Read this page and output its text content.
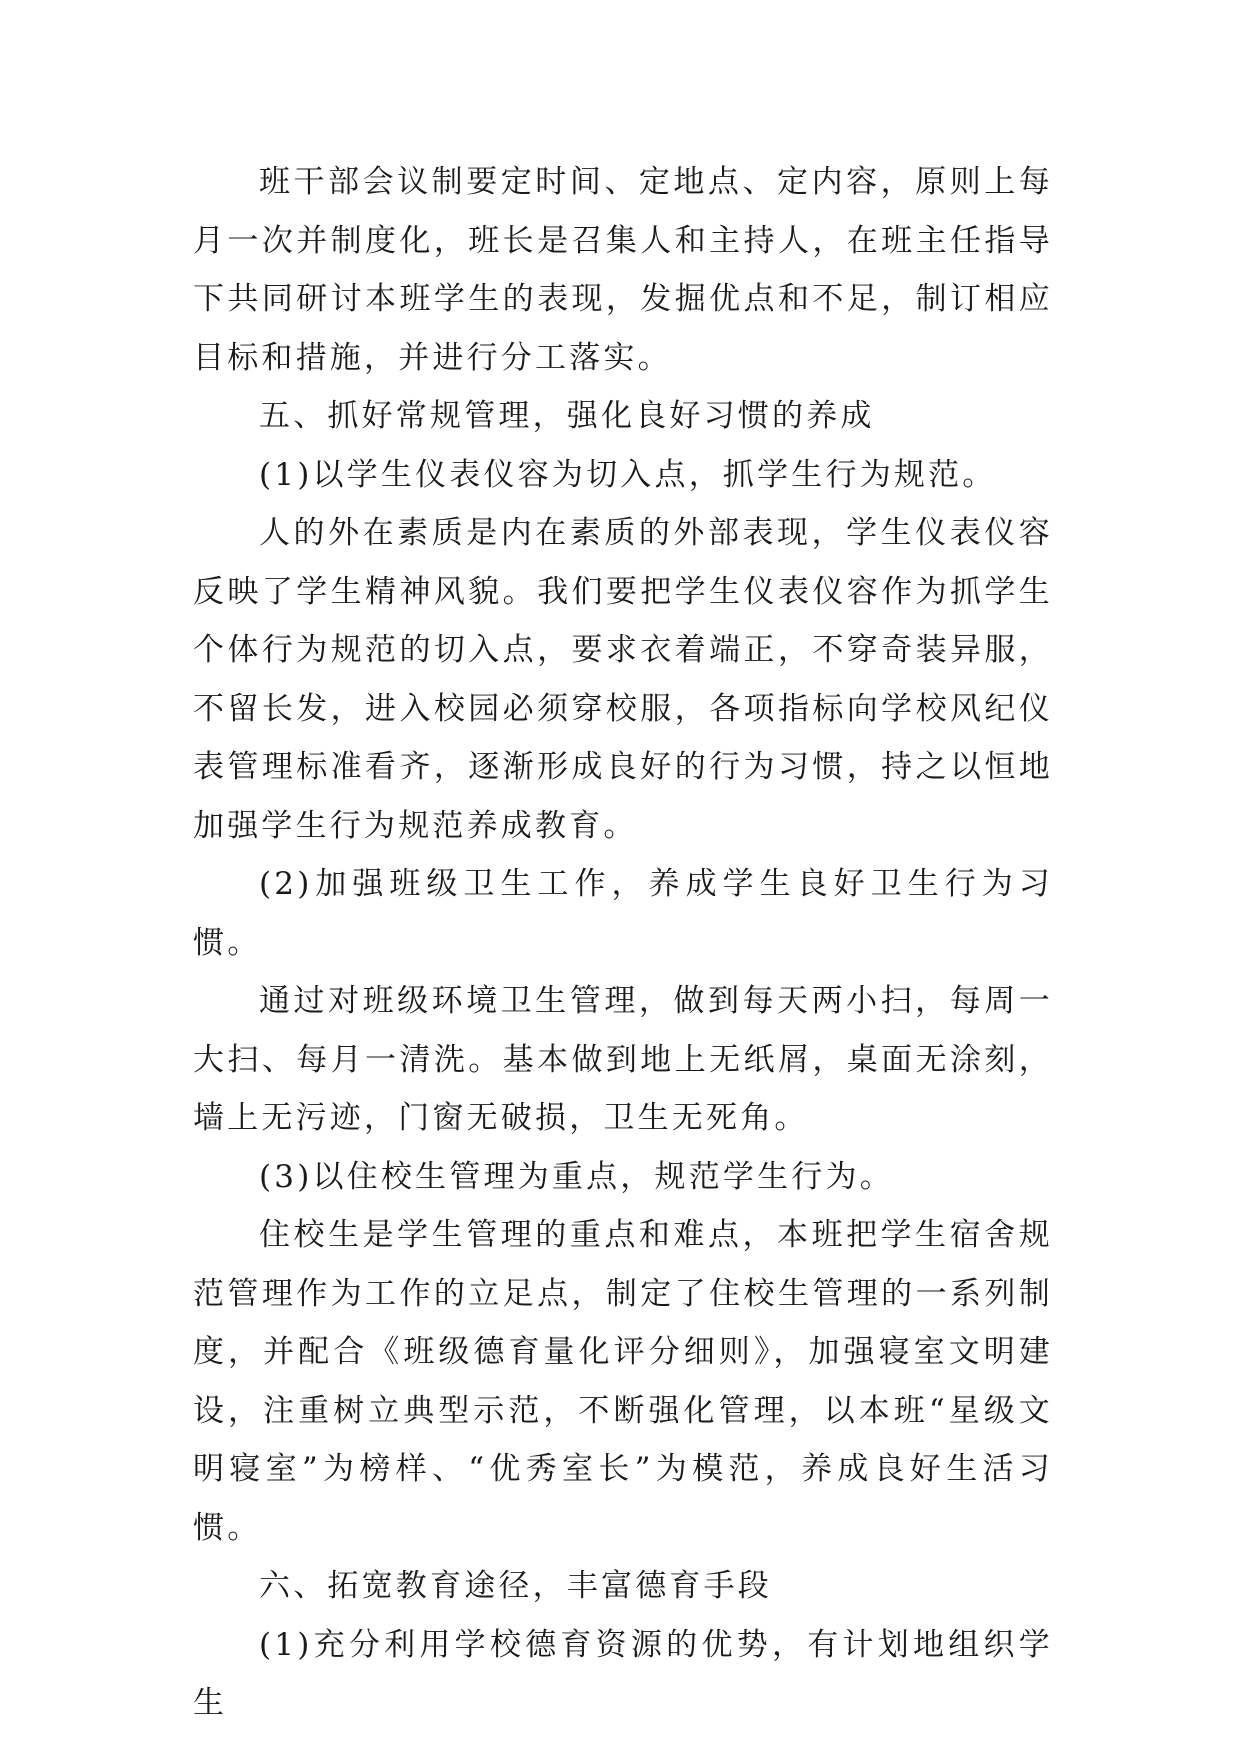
班干部会议制要定时间、定地点、定内容，原则上每月一次并制度化，班长是召集人和主持人，在班主任指导下共同研讨本班学生的表现，发掘优点和不足，制订相应目标和措施，并进行分工落实。

五、抓好常规管理，强化良好习惯的养成

(1)以学生仪表仪容为切入点，抓学生行为规范。

人的外在素质是内在素质的外部表现，学生仪表仪容反映了学生精神风貌。我们要把学生仪表仪容作为抓学生个体行为规范的切入点，要求衣着端正，不穿奇装异服，不留长发，进入校园必须穿校服，各项指标向学校风纪仪表管理标准看齐，逐渐形成良好的行为习惯，持之以恒地加强学生行为规范养成教育。

(2)加强班级卫生工作，养成学生良好卫生行为习惯。

通过对班级环境卫生管理，做到每天两小扫，每周一大扫、每月一清洗。基本做到地上无纸屑，桌面无涂刻，墙上无污迹，门窗无破损，卫生无死角。

(3)以住校生管理为重点，规范学生行为。

住校生是学生管理的重点和难点，本班把学生宿舍规范管理作为工作的立足点，制定了住校生管理的一系列制度，并配合《班级德育量化评分细则》，加强寝室文明建设，注重树立典型示范，不断强化管理，以本班“星级文明寝室”为榜样、“优秀室长”为模范，养成良好生活习惯。

六、拓宽教育途径，丰富德育手段

(1)充分利用学校德育资源的优势，有计划地组织学生
